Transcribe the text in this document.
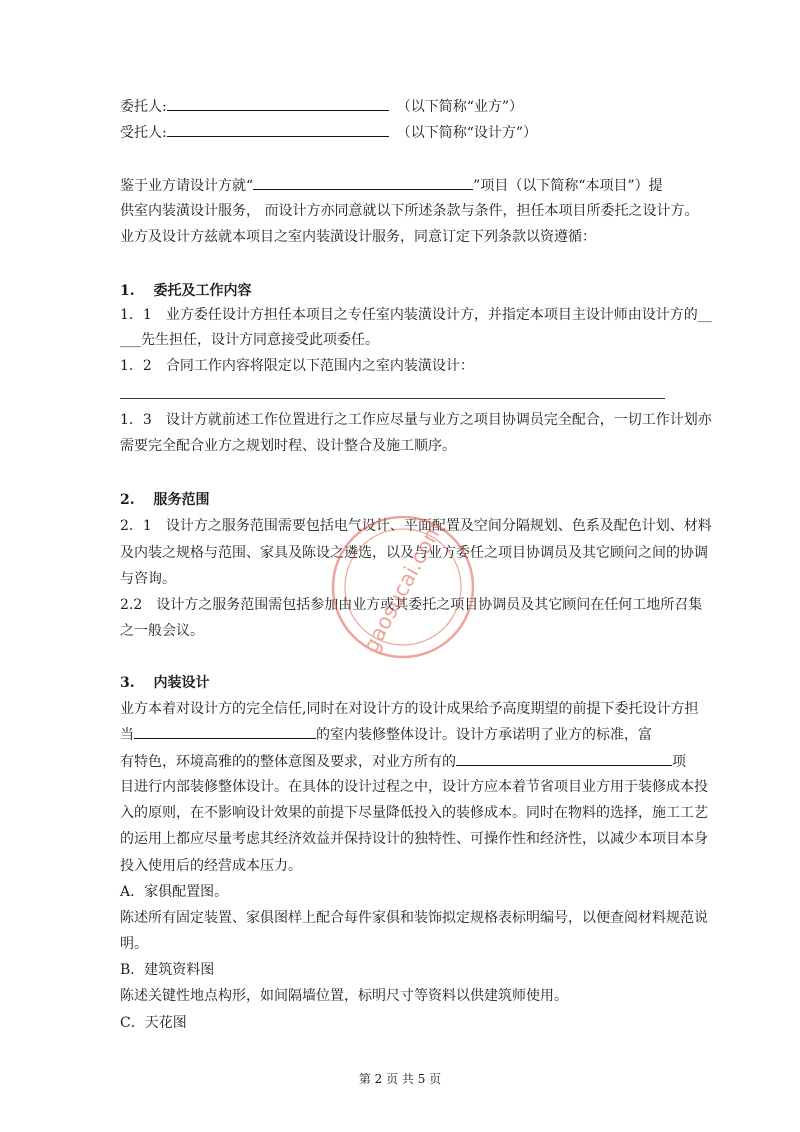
委托人:	（以下简称“业方”）
受托人:	（以下简称“设计方”）
鉴于业方请设计方就“	”项目（以下简称“本项目”）提
供室内装潢设计服务， 而设计方亦同意就以下所述条款与条件，担任本项目所委托之设计方。
业方及设计方兹就本项目之室内装潢设计服务，同意订定下列条款以资遵循：
1.　 委托及工作内容
1．1　业方委任设计方担任本项目之专任室内装潢设计方，并指定本项目主设计师由设计方的__
___先生担任，设计方同意接受此项委任。
1．2　合同工作内容将限定以下范围内之室内装潢设计：
1．3　设计方就前述工作位置进行之工作应尽量与业方之项目协调员完全配合，一切工作计划亦
需要完全配合业方之规划时程、设计整合及施工顺序。
2.　 服务范围
2．1　设计方之服务范围需要包括电气设计、平面配置及空间分隔规划、色系及配色计划、材料
及内装之规格与范围、家具及陈设之遴选，以及与业方委任之项目协调员及其它顾问之间的协调
与咨询。
2.2　设计方之服务范围需包括参加由业方或其委托之项目协调员及其它顾问在任何工地所召集
之一般会议。
3.　 内装设计
业方本着对设计方的完全信任,同时在对设计方的设计成果给予高度期望的前提下委托设计方担
当	的室内装修整体设计。设计方承诺明了业方的标准，富
有特色，环境高雅的的整体意图及要求，对业方所有的	项
目进行内部装修整体设计。在具体的设计过程之中，设计方应本着节省项目业方用于装修成本投
入的原则，在不影响设计效果的前提下尽量降低投入的装修成本。同时在物料的选择，施工工艺
的运用上都应尽量考虑其经济效益并保持设计的独特性、可操作性和经济性，以减少本项目本身
投入使用后的经营成本压力。
A．家俱配置图。
陈述所有固定装置、家俱图样上配合每件家俱和装饰拟定规格表标明编号，以便查阅材料规范说
明。
B．建筑资料图
陈述关键性地点构形，如间隔墙位置，标明尺寸等资料以供建筑师使用。
C．天花图
gaosucai.com
第 2 页 共 5 页
